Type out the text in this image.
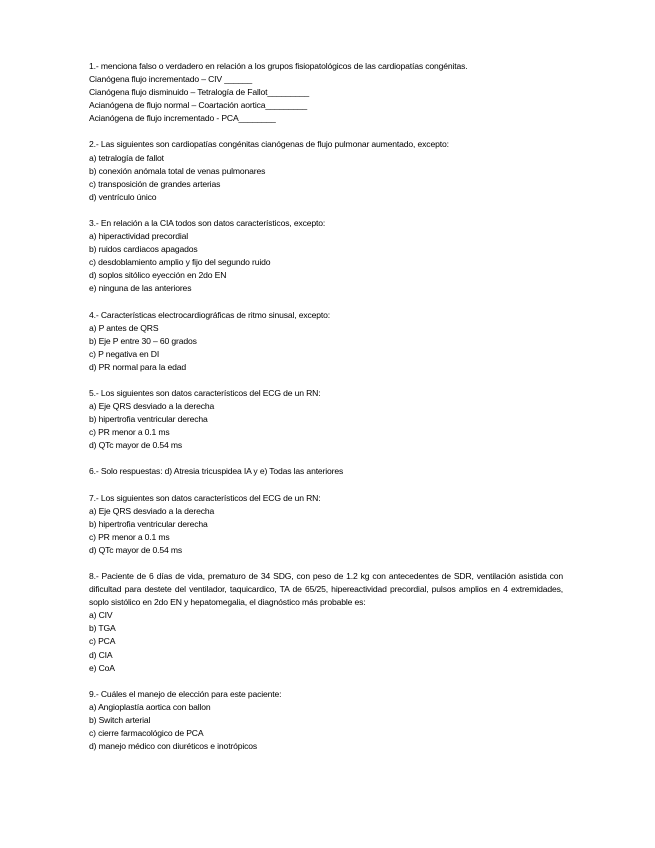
1.- menciona falso o verdadero en relación a los grupos fisiopatológicos de las cardiopatías congénitas.
Cianógena flujo incrementado – CIV ______
Cianógena flujo disminuido – Tetralogía de Fallot_________
Acianógena de flujo normal – Coartación aortica_________
Acianógena de flujo incrementado - PCA________
2.- Las siguientes son cardiopatías congénitas cianógenas de flujo pulmonar aumentado, excepto:
a) tetralogía de fallot
b) conexión anómala total de venas pulmonares
c) transposición de grandes arterias
d) ventrículo único
3.- En relación a la CIA todos son datos característicos, excepto:
a) hiperactividad precordial
b) ruidos cardiacos apagados
c) desdoblamiento amplio y fijo del segundo ruido
d) soplos sitólico eyección en 2do EN
e) ninguna de las anteriores
4.- Características electrocardiográficas de ritmo sinusal, excepto:
a) P antes de QRS
b) Eje P entre 30 – 60 grados
c) P negativa en DI
d) PR normal para la edad
5.- Los siguientes son datos característicos del ECG de un RN:
a) Eje QRS desviado a la derecha
b) hipertrofia ventricular derecha
c) PR menor a 0.1 ms
d) QTc mayor de 0.54 ms
6.- Solo respuestas: d) Atresia tricuspidea IA y e) Todas las anteriores
7.- Los siguientes son datos característicos del ECG de un RN:
a) Eje QRS desviado a la derecha
b) hipertrofia ventricular derecha
c) PR menor a 0.1 ms
d) QTc mayor de 0.54 ms
8.- Paciente de 6 días de vida, prematuro de 34 SDG, con peso de 1.2 kg con antecedentes de SDR, ventilación asistida con dificultad para destete del ventilador, taquicardico, TA de 65/25, hipereactividad precordial, pulsos amplios en 4 extremidades, soplo sistólico en 2do EN y hepatomegalia, el diagnóstico más probable es:
a) CIV
b) TGA
c) PCA
d) CIA
e) CoA
9.- Cuáles el manejo de elección para este paciente:
a) Angioplastía aortica con ballon
b) Switch arterial
c) cierre farmacológico de PCA
d) manejo médico con diuréticos e inotrópicos
